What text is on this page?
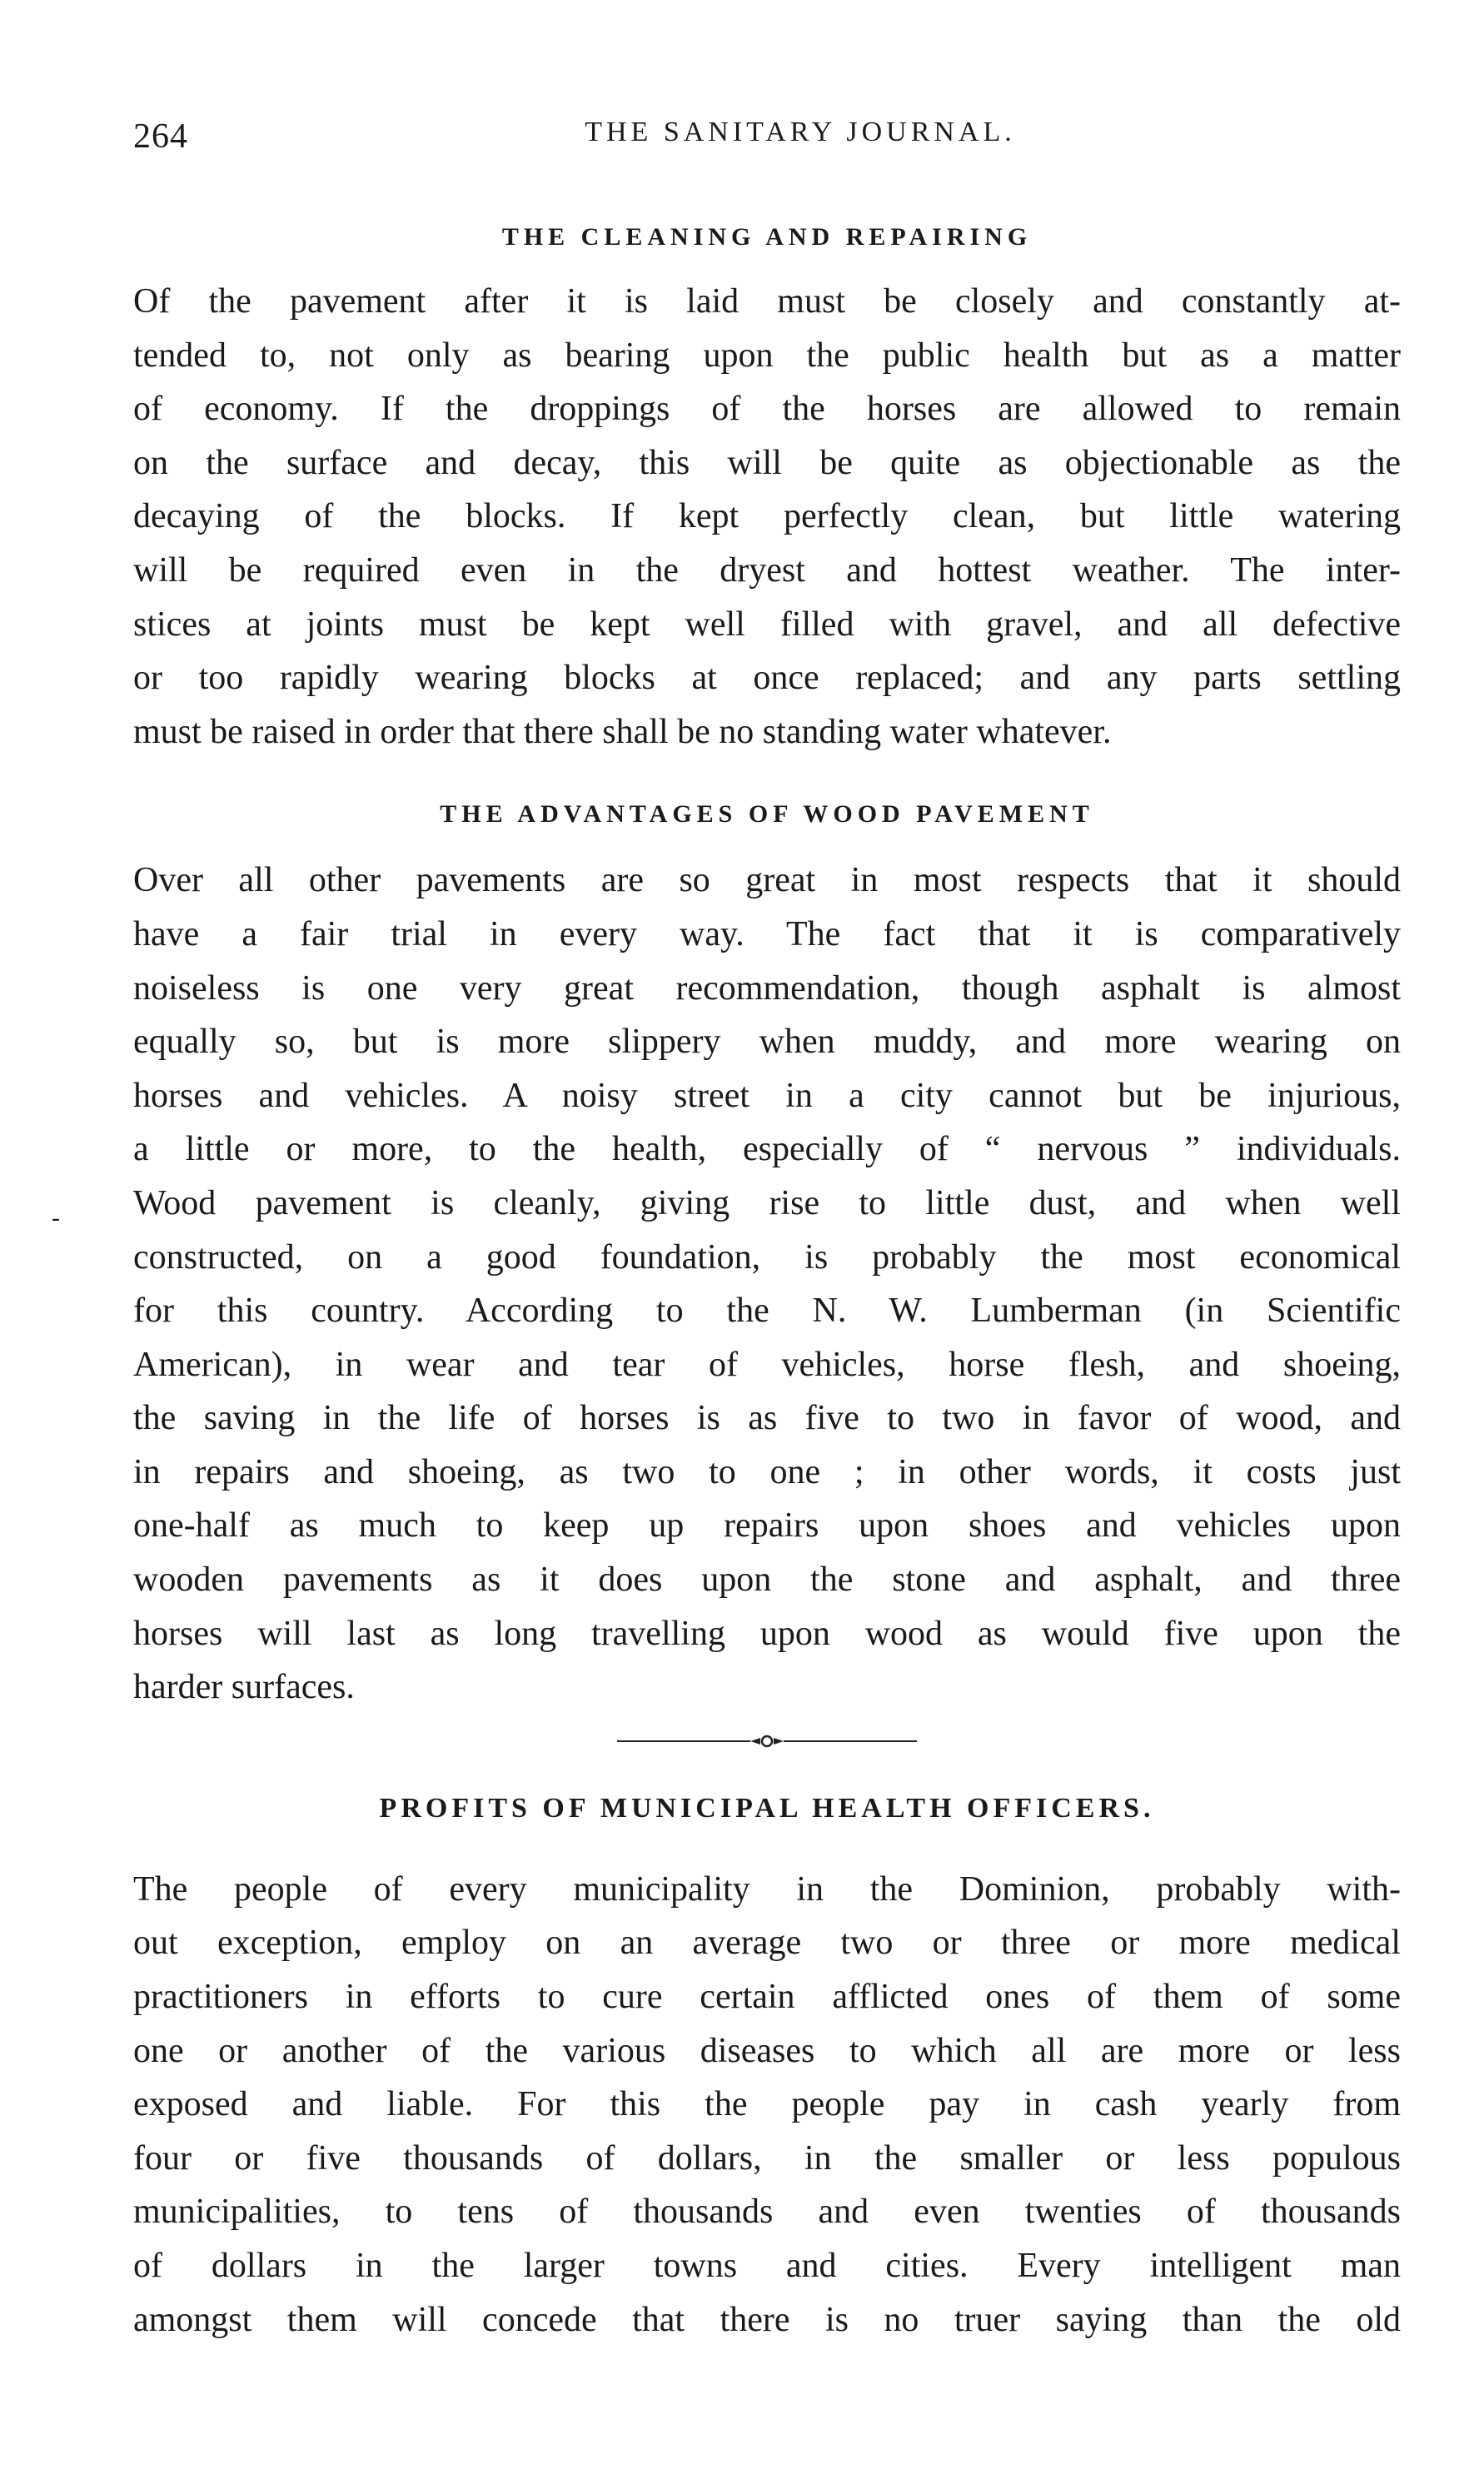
264	THE SANITARY JOURNAL.
THE CLEANING AND REPAIRING
Of the pavement after it is laid must be closely and constantly at-
tended to, not only as bearing upon the public health but as a matter
of economy. If the droppings of the horses are allowed to remain
on the surface and decay, this will be quite as objectionable as the
decaying of the blocks. If kept perfectly clean, but little watering
will be required even in the dryest and hottest weather. The inter-
stices at joints must be kept well filled with gravel, and all defective
or too rapidly wearing blocks at once replaced; and any parts settling
must be raised in order that there shall be no standing water whatever.
THE ADVANTAGES OF WOOD PAVEMENT
Over all other pavements are so great in most respects that it should
have a fair trial in every way. The fact that it is comparatively
noiseless is one very great recommendation, though asphalt is almost
equally so, but is more slippery when muddy, and more wearing on
horses and vehicles. A noisy street in a city cannot but be injurious,
a little or more, to the health, especially of “ nervous ” individuals.
Wood pavement is cleanly, giving rise to little dust, and when well
constructed, on a good foundation, is probably the most economical
for this country. According to the N. W. Lumberman (in Scientific
American), in wear and tear of vehicles, horse flesh, and shoeing,
the saving in the life of horses is as five to two in favor of wood, and
in repairs and shoeing, as two to one ; in other words, it costs just
one-half as much to keep up repairs upon shoes and vehicles upon
wooden pavements as it does upon the stone and asphalt, and three
horses will last as long travelling upon wood as would five upon the
harder surfaces.
PROFITS OF MUNICIPAL HEALTH OFFICERS.
The people of every municipality in the Dominion, probably with-
out exception, employ on an average two or three or more medical
practitioners in efforts to cure certain afflicted ones of them of some
one or another of the various diseases to which all are more or less
exposed and liable. For this the people pay in cash yearly from
four or five thousands of dollars, in the smaller or less populous
municipalities, to tens of thousands and even twenties of thousands
of dollars in the larger towns and cities. Every intelligent man
amongst them will concede that there is no truer saying than the old
-
